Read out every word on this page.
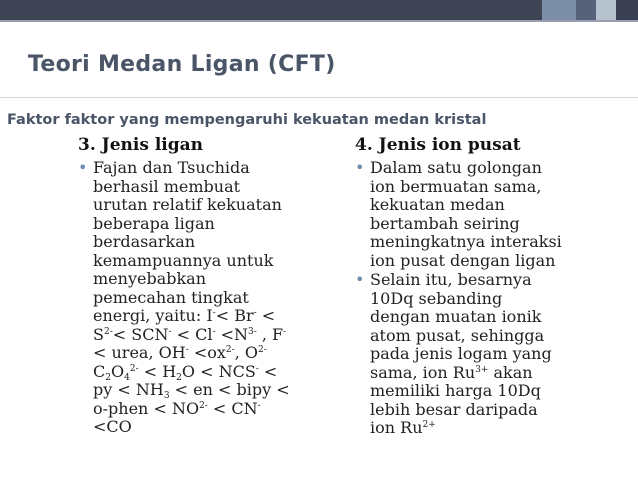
Teori Medan Ligan (CFT)
Faktor faktor yang mempengaruhi kekuatan medan kristal
3. Jenis ligan
• Fajan dan Tsuchida
berhasil membuat
urutan relatif kekuatan
beberapa ligan
berdasarkan
kemampuannya untuk
menyebabkan
pemecahan tingkat
energi, yaitu: I-< Br- <
$S^{2-}< SCN^- < Cl^- <N^{3-}$ , F-
< urea, $OH^- <ox^{2-}$, $O^{2-}$
$C_2O_4^{2-} < H_2O < NCS^-$ <
py < $NH_3$ < en < bipy <
o-phen < $NO^{2-} < CN^-$
<CO
4. Jenis ion pusat
• Dalam satu golongan
ion bermuatan sama,
kekuatan medan
bertambah seiring
meningkatnya interaksi
ion pusat dengan ligan
• Selain itu, besarnya
10Dq sebanding
dengan muatan ionik
atom pusat, sehingga
pada jenis logam yang
sama, ion $Ru^{3+}$ akan
memiliki harga 10Dq
lebih besar daripada
ion $Ru^{2+}$
